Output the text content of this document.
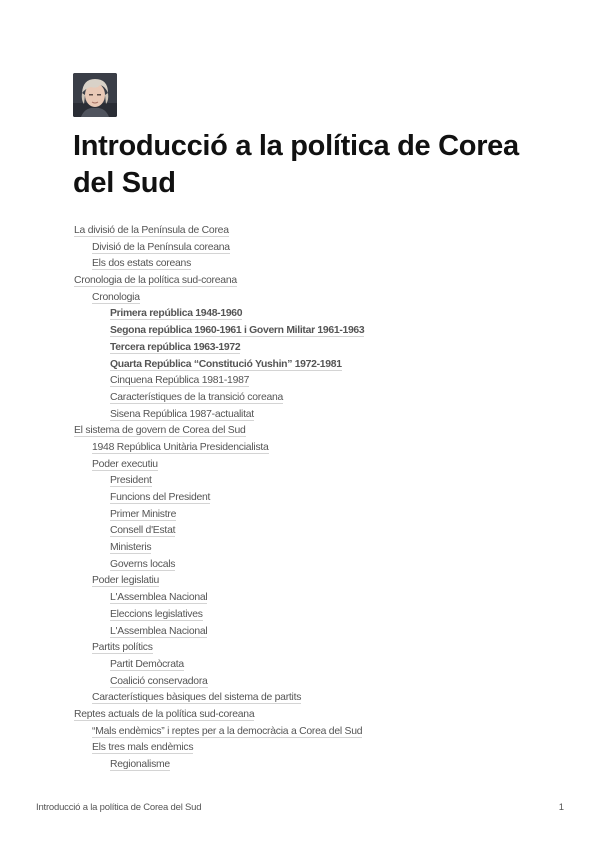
Introducció a la política de Corea del Sud
La divisió de la Península de Corea
Divisió de la Península coreana
Els dos estats coreans
Cronologia de la política sud-coreana
Cronologia
Primera república 1948-1960
Segona república 1960-1961 i Govern Militar 1961-1963
Tercera república 1963-1972
Quarta República “Constitució Yushin” 1972-1981
Cinquena República 1981-1987
Característiques de la transició coreana
Sisena República 1987-actualitat
El sistema de govern de Corea del Sud
1948 República Unitària Presidencialista
Poder executiu
President
Funcions del President
Primer Ministre
Consell d'Estat
Ministeris
Governs locals
Poder legislatiu
L'Assemblea Nacional
Eleccions legislatives
L'Assemblea Nacional
Partits polítics
Partit Demòcrata
Coalició conservadora
Característiques bàsiques del sistema de partits
Reptes actuals de la política sud-coreana
“Mals endèmics” i reptes per a la democràcia a Corea del Sud
Els tres mals endèmics
Regionalisme
Introducció a la política de Corea del Sud	1
